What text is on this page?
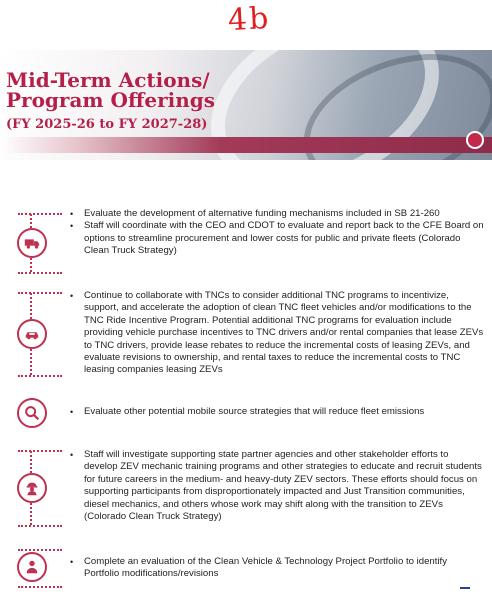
4b
Mid-Term Actions/
Program Offerings
(FY 2025-26 to FY 2027-28)
• Evaluate the development of alternative funding mechanisms included in SB 21-260
• Staff will coordinate with the CEO and CDOT to evaluate and report back to the CFE Board on options to streamline procurement and lower costs for public and private fleets (Colorado Clean Truck Strategy)
• Continue to collaborate with TNCs to consider additional TNC programs to incentivize, support, and accelerate the adoption of clean TNC fleet vehicles and/or modifications to the TNC Ride Incentive Program. Potential additional TNC programs for evaluation include providing vehicle purchase incentives to TNC drivers and/or rental companies that lease ZEVs to TNC drivers, provide lease rebates to reduce the incremental costs of leasing ZEVs, and evaluate revisions to ownership, and rental taxes to reduce the incremental costs to TNC leasing companies leasing ZEVs
• Evaluate other potential mobile source strategies that will reduce fleet emissions
• Staff will investigate supporting state partner agencies and other stakeholder efforts to develop ZEV mechanic training programs and other strategies to educate and recruit students for future careers in the medium- and heavy-duty ZEV sectors. These efforts should focus on supporting participants from disproportionately impacted and Just Transition communities, diesel mechanics, and others whose work may shift along with the transition to ZEVs (Colorado Clean Truck Strategy)
• Complete an evaluation of the Clean Vehicle & Technology Project Portfolio to identify Portfolio modifications/revisions
